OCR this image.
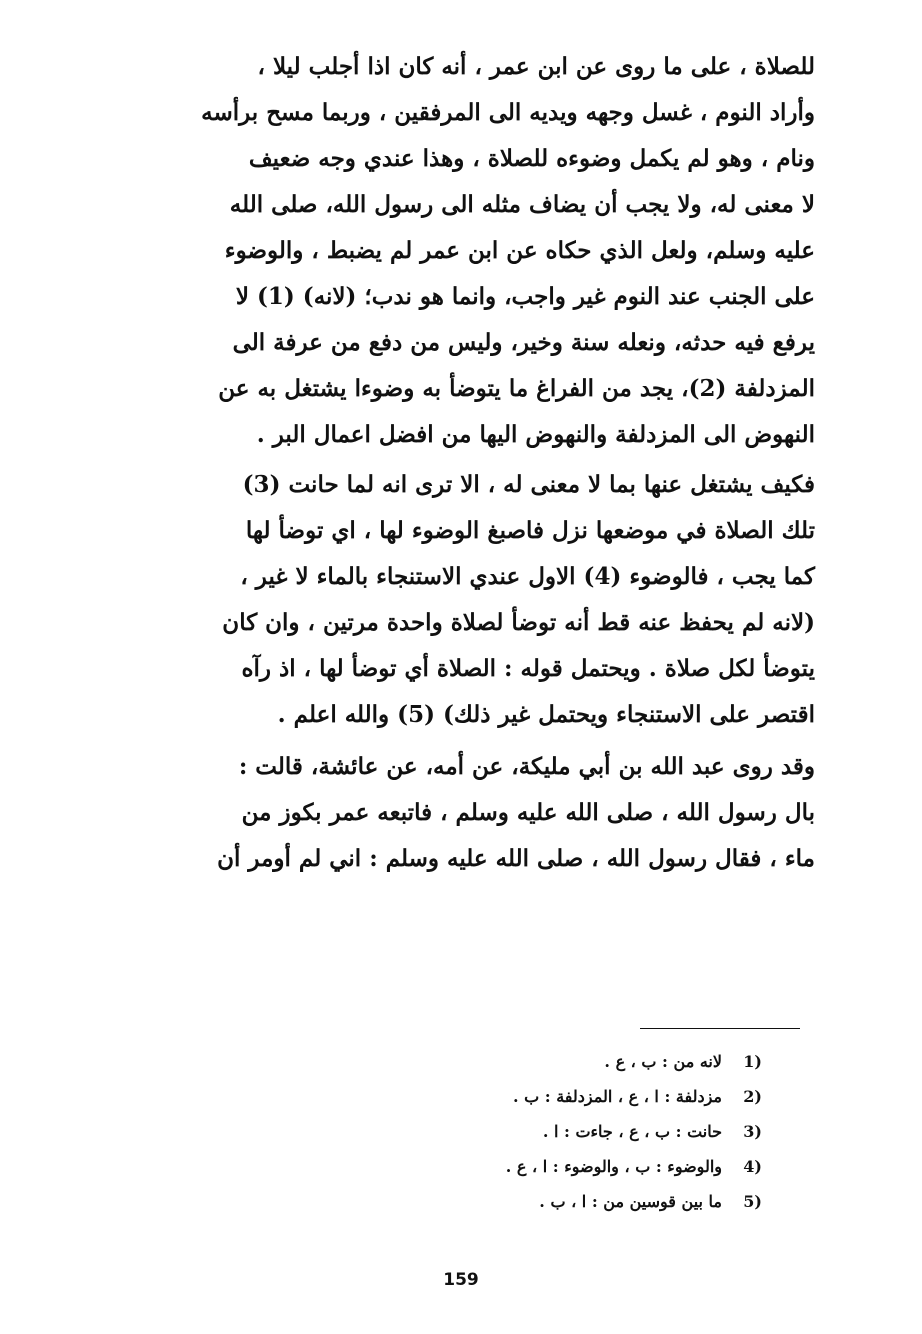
للصلاة ، على ما روى عن ابن عمر ، أنه كان اذا أجلب ليلا ،
وأراد النوم ، غسل وجهه ويديه الى المرفقين ، وربما مسح برأسه
ونام ، وهو لم يكمل وضوءه للصلاة ، وهذا عندي وجه ضعيف
لا معنى له، ولا يجب أن يضاف مثله الى رسول الله، صلى الله
عليه وسلم، ولعل الذي حكاه عن ابن عمر لم يضبط ، والوضوء
على الجنب عند النوم غير واجب، وانما هو ندب؛ (لانه) (1) لا
يرفع فيه حدثه، ونعله سنة وخير، وليس من دفع من عرفة الى
المزدلفة (2)، يجد من الفراغ ما يتوضأ به وضوءا يشتغل به عن
النهوض الى المزدلفة والنهوض اليها من افضل اعمال البر .
فكيف يشتغل عنها بما لا معنى له ، الا ترى انه لما حانت (3)
تلك الصلاة في موضعها نزل فاصبغ الوضوء لها ، اي توضأ لها
كما يجب ، فالوضوء (4) الاول عندي الاستنجاء بالماء لا غير ،
(لانه لم يحفظ عنه قط أنه توضأ لصلاة واحدة مرتين ، وان كان
يتوضأ لكل صلاة . ويحتمل قوله : الصلاة أي توضأ لها ، اذ رآه
اقتصر على الاستنجاء ويحتمل غير ذلك) (5) والله اعلم .
وقد روى عبد الله بن أبي مليكة، عن أمه، عن عائشة، قالت :
بال رسول الله ، صلى الله عليه وسلم ، فاتبعه عمر بكوز من
ماء ، فقال رسول الله ، صلى الله عليه وسلم : اني لم أومر أن
1)
لانه من : ب ، ع .
2)
مزدلفة : ا ، ع ، المزدلفة : ب .
3)
حانت : ب ، ع ، جاءت : ا .
4)
والوضوء : ب ، والوضوء : ا ، ع .
5)
ما بين قوسين من : ا ، ب .
159
